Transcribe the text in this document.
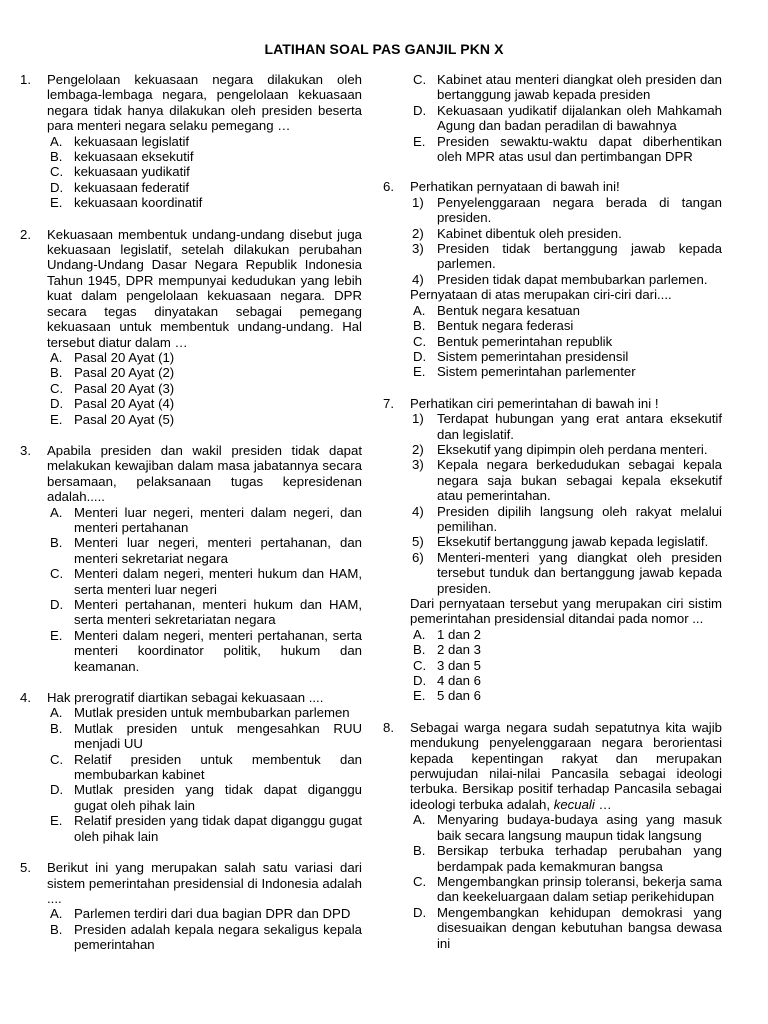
LATIHAN SOAL PAS GANJIL PKN X
1.	Pengelolaan kekuasaan negara dilakukan oleh lembaga-lembaga negara, pengelolaan kekuasaan negara tidak hanya dilakukan oleh presiden beserta para menteri negara selaku pemegang …
A. kekuasaan legislatif
B. kekuasaan eksekutif
C. kekuasaan yudikatif
D. kekuasaan federatif
E. kekuasaan koordinatif
2.	Kekuasaan membentuk undang-undang disebut juga kekuasaan legislatif, setelah dilakukan perubahan Undang-Undang Dasar Negara Republik Indonesia Tahun 1945, DPR mempunyai kedudukan yang lebih kuat dalam pengelolaan kekuasaan negara. DPR secara tegas dinyatakan sebagai pemegang kekuasaan untuk membentuk undang-undang. Hal tersebut diatur dalam …
A. Pasal 20 Ayat (1)
B. Pasal 20 Ayat (2)
C. Pasal 20 Ayat (3)
D. Pasal 20 Ayat (4)
E. Pasal 20 Ayat (5)
3.	Apabila presiden dan wakil presiden tidak dapat melakukan kewajiban dalam masa jabatannya secara bersamaan, pelaksanaan tugas kepresidenan adalah.....
A. Menteri luar negeri, menteri dalam negeri, dan menteri pertahanan
B. Menteri luar negeri, menteri pertahanan, dan menteri sekretariat negara
C. Menteri dalam negeri, menteri hukum dan HAM, serta menteri luar negeri
D. Menteri pertahanan, menteri hukum dan HAM, serta menteri sekretariatan negara
E. Menteri dalam negeri, menteri pertahanan, serta menteri koordinator politik, hukum dan keamanan.
4.	Hak prerogratif diartikan sebagai kekuasaan ....
A. Mutlak presiden untuk membubarkan parlemen
B. Mutlak presiden untuk mengesahkan RUU menjadi UU
C. Relatif presiden untuk membentuk dan membubarkan kabinet
D. Mutlak presiden yang tidak dapat diganggu gugat oleh pihak lain
E. Relatif presiden yang tidak dapat diganggu gugat oleh pihak lain
5.	Berikut ini yang merupakan salah satu variasi dari sistem pemerintahan presidensial di Indonesia adalah ....
A. Parlemen terdiri dari dua bagian DPR dan DPD
B. Presiden adalah kepala negara sekaligus kepala pemerintahan
C. Kabinet atau menteri diangkat oleh presiden dan bertanggung jawab kepada presiden
D. Kekuasaan yudikatif dijalankan oleh Mahkamah Agung dan badan peradilan di bawahnya
E. Presiden sewaktu-waktu dapat diberhentikan oleh MPR atas usul dan pertimbangan DPR
6.	Perhatikan pernyataan di bawah ini!
1) Penyelenggaraan negara berada di tangan presiden.
2) Kabinet dibentuk oleh presiden.
3) Presiden tidak bertanggung jawab kepada parlemen.
4) Presiden tidak dapat membubarkan parlemen.
Pernyataan di atas merupakan ciri-ciri dari....
A. Bentuk negara kesatuan
B. Bentuk negara federasi
C. Bentuk pemerintahan republik
D. Sistem pemerintahan presidensil
E. Sistem pemerintahan parlementer
7.	Perhatikan ciri pemerintahan di bawah ini !
1) Terdapat hubungan yang erat antara eksekutif dan legislatif.
2) Eksekutif yang dipimpin oleh perdana menteri.
3) Kepala negara berkedudukan sebagai kepala negara saja bukan sebagai kepala eksekutif atau pemerintahan.
4) Presiden dipilih langsung oleh rakyat melalui pemilihan.
5) Eksekutif bertanggung jawab kepada legislatif.
6) Menteri-menteri yang diangkat oleh presiden tersebut tunduk dan bertanggung jawab kepada presiden.
Dari pernyataan tersebut yang merupakan ciri sistim pemerintahan presidensial ditandai pada nomor ...
A. 1 dan 2
B. 2 dan 3
C. 3 dan 5
D. 4 dan 6
E. 5 dan 6
8.	Sebagai warga negara sudah sepatutnya kita wajib mendukung penyelenggaraan negara berorientasi kepada kepentingan rakyat dan merupakan perwujudan nilai-nilai Pancasila sebagai ideologi terbuka. Bersikap positif terhadap Pancasila sebagai ideologi terbuka adalah, kecuali …
A. Menyaring budaya-budaya asing yang masuk baik secara langsung maupun tidak langsung
B. Bersikap terbuka terhadap perubahan yang berdampak pada kemakmuran bangsa
C. Mengembangkan prinsip toleransi, bekerja sama dan keekeluargaan dalam setiap perikehidupan
D. Mengembangkan kehidupan demokrasi yang disesuaikan dengan kebutuhan bangsa dewasa ini
